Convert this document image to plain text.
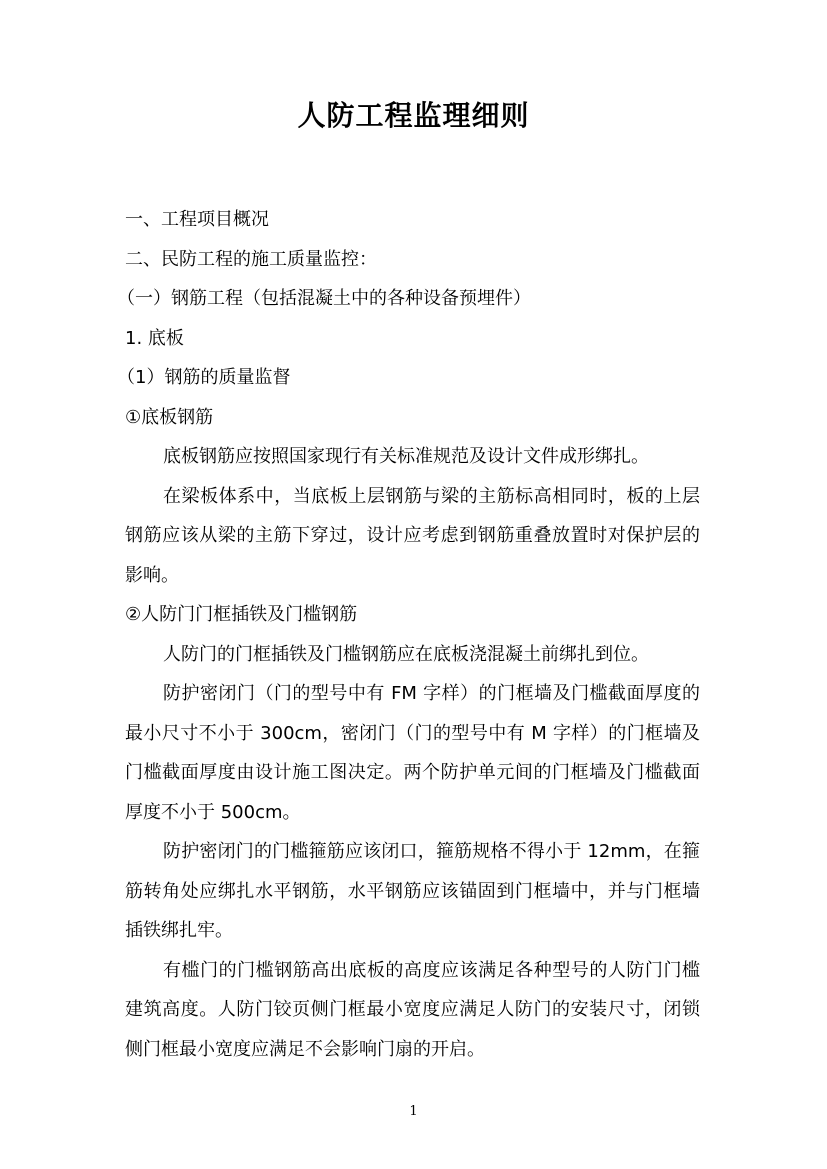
人防工程监理细则

一、工程项目概况

二、民防工程的施工质量监控：

（一）钢筋工程（包括混凝土中的各种设备预埋件）

1. 底板

（1）钢筋的质量监督

①底板钢筋

底板钢筋应按照国家现行有关标准规范及设计文件成形绑扎。

在梁板体系中，当底板上层钢筋与梁的主筋标高相同时，板的上层钢筋应该从梁的主筋下穿过，设计应考虑到钢筋重叠放置时对保护层的影响。

②人防门门框插铁及门槛钢筋

人防门的门框插铁及门槛钢筋应在底板浇混凝土前绑扎到位。

防护密闭门（门的型号中有 FM 字样）的门框墙及门槛截面厚度的最小尺寸不小于 300cm，密闭门（门的型号中有 M 字样）的门框墙及门槛截面厚度由设计施工图决定。两个防护单元间的门框墙及门槛截面厚度不小于 500cm。

防护密闭门的门槛箍筋应该闭口，箍筋规格不得小于 12mm，在箍筋转角处应绑扎水平钢筋，水平钢筋应该锚固到门框墙中，并与门框墙插铁绑扎牢。

有槛门的门槛钢筋高出底板的高度应该满足各种型号的人防门门槛建筑高度。人防门铰页侧门框最小宽度应满足人防门的安装尺寸，闭锁侧门框最小宽度应满足不会影响门扇的开启。

1
